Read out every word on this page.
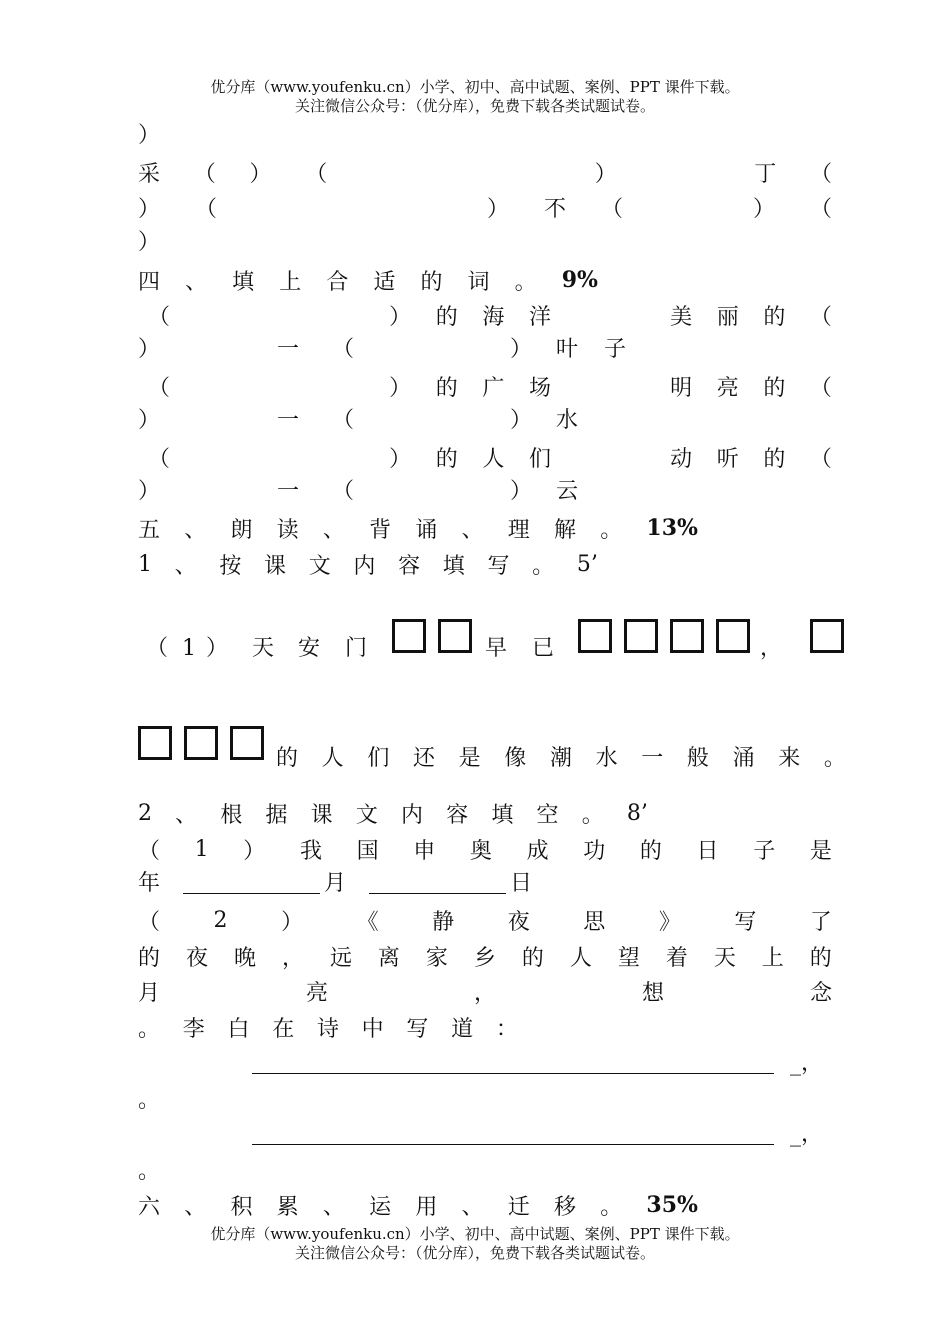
优分库（www.youfenku.cn）小学、初中、高中试题、案例、PPT 课件下载。
关注微信公众号：（优分库），免费下载各类试题试卷。
）
采 （ ） （	）	丁 （
） （	） 不 （	） （
）
四 、 填 上 合 适 的 词 。 9%
（	） 的 海 洋	美 丽 的 （
）	一 （	） 叶 子
（	） 的 广 场	明 亮 的 （
）	一 （	） 水
（	） 的 人 们	动 听 的 （
）	一 （	） 云
五 、 朗 读 、 背 诵 、 理 解 。 13%
1 、 按 课 文 内 容 填 写 。 5’
（ 1 ） 天 安 门	早 已	，
的 人 们 还 是 像 潮 水 一 般 涌 来 。
2 、 根 据 课 文 内 容 填 空 。 8’
（ 1 ） 我 国 申 奥 成 功 的 日 子 是
年	月	日
（ 2 ） 《 静 夜 思 》 写 了
的 夜 晚 ， 远 离 家 乡 的 人 望 着 天 上 的
月	亮	，	想	念
。 李 白 在 诗 中 写 道 ：
_，
。
_，
。
六 、 积 累 、 运 用 、 迁 移 。 35%
优分库（www.youfenku.cn）小学、初中、高中试题、案例、PPT 课件下载。
关注微信公众号：（优分库），免费下载各类试题试卷。
